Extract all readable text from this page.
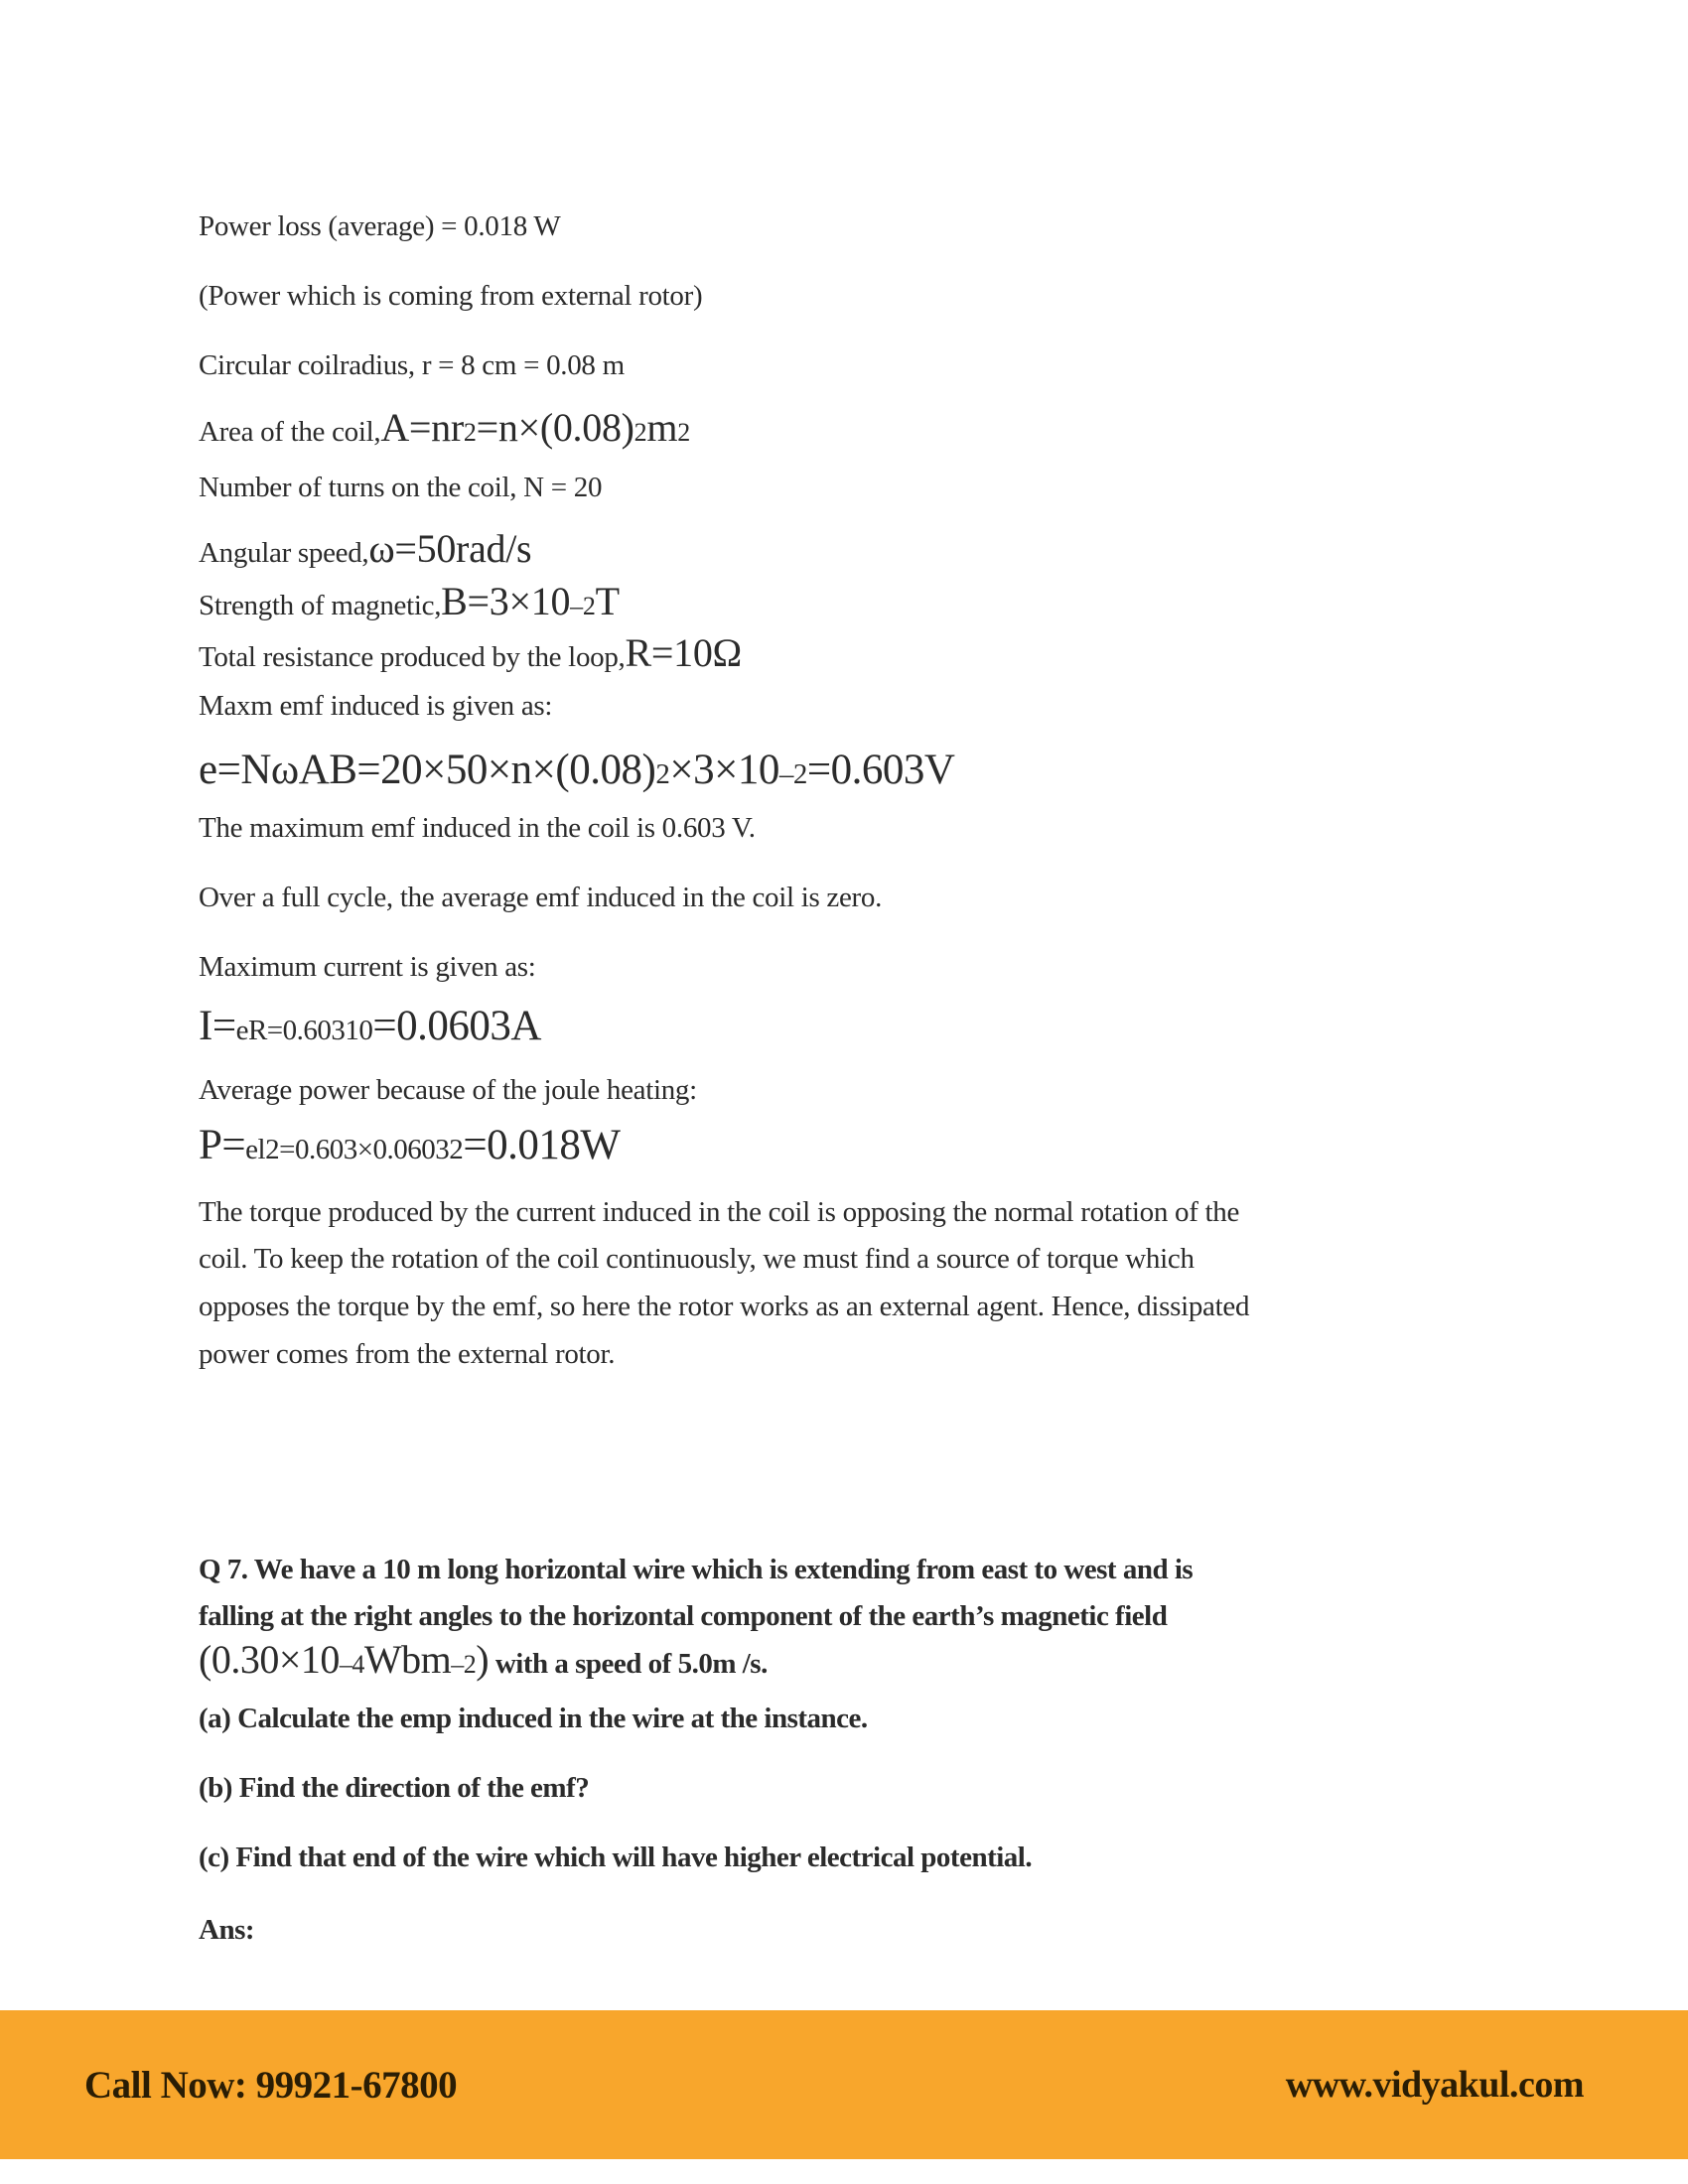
Power loss (average) = 0.018 W

(Power which is coming from external rotor)

Circular coilradius, r = 8 cm = 0.08 m

Area of the coil,A=nr2=n×(0.08)2m2

Number of turns on the coil, N = 20

Angular speed,ω=50rad/s

Strength of magnetic,B=3×10–2T

Total resistance produced by the loop,R=10Ω

Maxm emf induced is given as:

e=NωAB=20×50×n×(0.08)2×3×10–2=0.603V

The maximum emf induced in the coil is 0.603 V.

Over a full cycle, the average emf induced in the coil is zero.

Maximum current is given as:

I=eR=0.60310=0.0603A

Average power because of the joule heating:

P=el2=0.603×0.06032=0.018W

The torque produced by the current induced in the coil is opposing the normal rotation of the

coil. To keep the rotation of the coil continuously, we must find a source of torque which

opposes the torque by the emf, so here the rotor works as an external agent. Hence, dissipated

power comes from the external rotor.

Q 7. We have a 10 m long horizontal wire which is extending from east to west and is

falling at the right angles to the horizontal component of the earth’s magnetic field

(0.30×10–4Wbm–2) with a speed of 5.0m /s.

(a) Calculate the emp induced in the wire at the instance.

(b) Find the direction of the emf?

(c) Find that end of the wire which will have higher electrical potential.

Ans:

Call Now: 99921-67800	www.vidyakul.com
